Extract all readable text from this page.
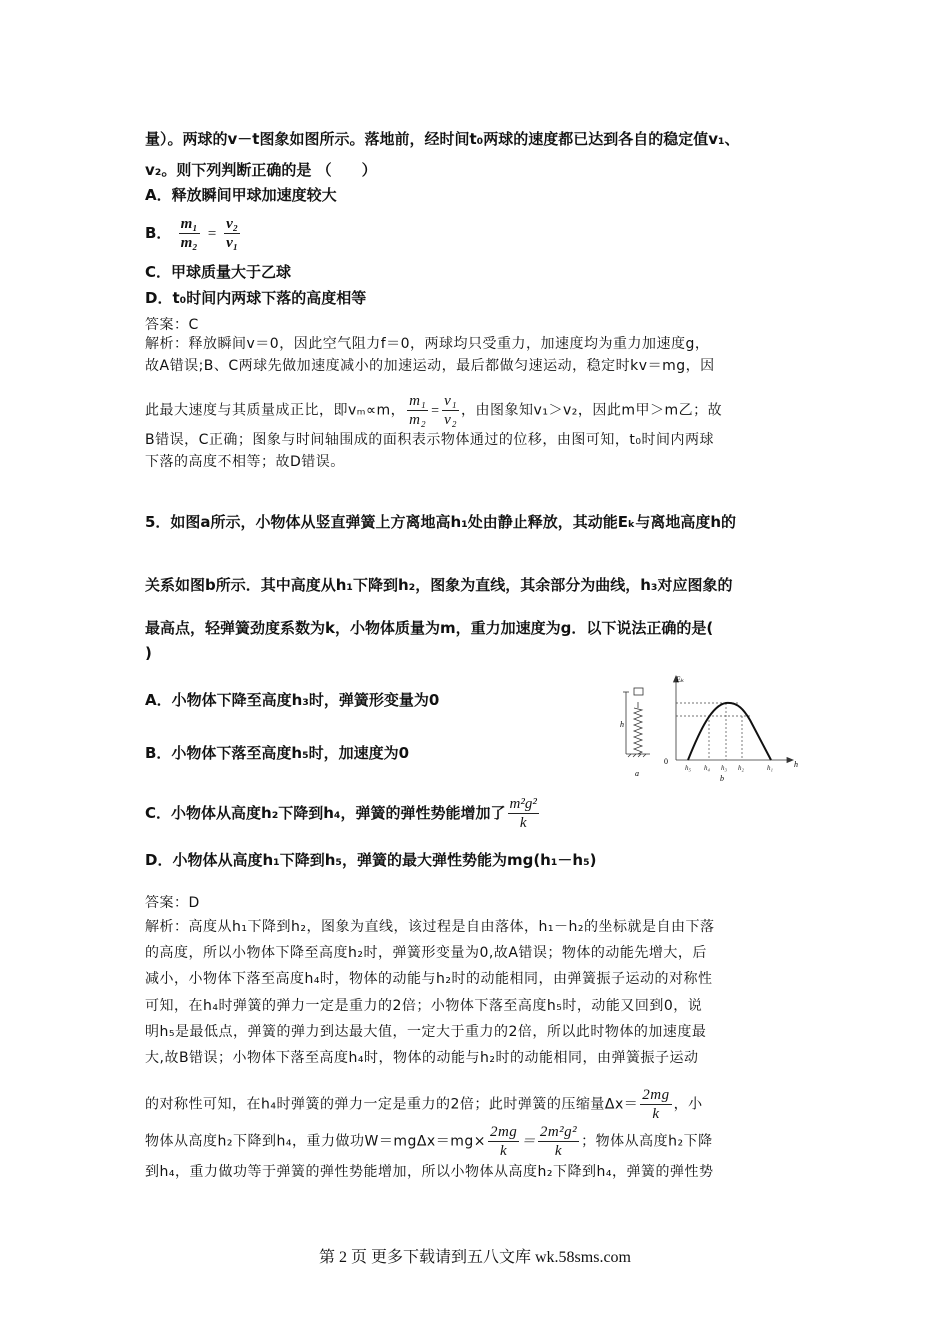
量）。两球的v－t图象如图所示。落地前，经时间t₀两球的速度都已达到各自的稳定值v₁、
v₂。则下列判断正确的是 （　　）
A．释放瞬间甲球加速度较大
B． $\frac{\text{m₁}}{\text{m₂}} = \frac{\text{v₂}}{\text{v₁}}$
C．甲球质量大于乙球
D．t₀时间内两球下落的高度相等
答案：C
解析：释放瞬间v＝0，因此空气阻力f＝0，两球均只受重力，加速度均为重力加速度g，
故A错误;B、C两球先做加速度减小的加速运动，最后都做匀速运动，稳定时kv＝mg，因
此最大速度与其质量成正比，即vₘ∝m， $\frac{\text{m₁}}{\text{m₂}} = \frac{\text{v₁}}{\text{v₂}}$ ，由图象知v₁＞v₂，因此m甲＞m乙；故
B错误，C正确；图象与时间轴围成的面积表示物体通过的位移，由图可知，t₀时间内两球
下落的高度不相等；故D错误。
5．如图a所示，小物体从竖直弹簧上方离地高h₁处由静止释放，其动能Eₖ与离地高度h的
关系如图b所示．其中高度从h₁下降到h₂，图象为直线，其余部分为曲线，h₃对应图象的
最高点，轻弹簧劲度系数为k，小物体质量为m，重力加速度为g．以下说法正确的是(
)
A．小物体下降至高度h₃时，弹簧形变量为0
B．小物体下落至高度h₅时，加速度为0
C．小物体从高度h₂下降到h₄，弹簧的弹性势能增加了 $\frac{\text{m²g²}}{k}$
D．小物体从高度h₁下降到h₅，弹簧的最大弹性势能为mg(h₁－h₅)
答案：D
解析：高度从h₁下降到h₂，图象为直线，该过程是自由落体，h₁－h₂的坐标就是自由下落
的高度，所以小物体下降至高度h₂时，弹簧形变量为0,故A错误；物体的动能先增大，后
减小，小物体下落至高度h₄时，物体的动能与h₂时的动能相同，由弹簧振子运动的对称性
可知，在h₄时弹簧的弹力一定是重力的2倍；小物体下落至高度h₅时，动能又回到0，说
明h₅是最低点，弹簧的弹力到达最大值，一定大于重力的2倍，所以此时物体的加速度最
大,故B错误；小物体下落至高度h₄时，物体的动能与h₂时的动能相同，由弹簧振子运动
的对称性可知，在h₄时弹簧的弹力一定是重力的2倍；此时弹簧的压缩量$\Delta x= \frac{2mg}{k}$ ，小
物体从高度h₂下降到h₄，重力做功$W=mg\Delta x=mg\times \frac{2mg}{k} = \frac{\text{2m²g²}}{k}$ ；物体从高度h₂下降
到h₄，重力做功等于弹簧的弹性势能增加，所以小物体从高度h₂下降到h₄，弹簧的弹性势
h
a
Eₖ
h
0
h₅ h₄ h₃ h₂	h₁
b
第 2 页 更多下载请到五八文库 wk.58sms.com
